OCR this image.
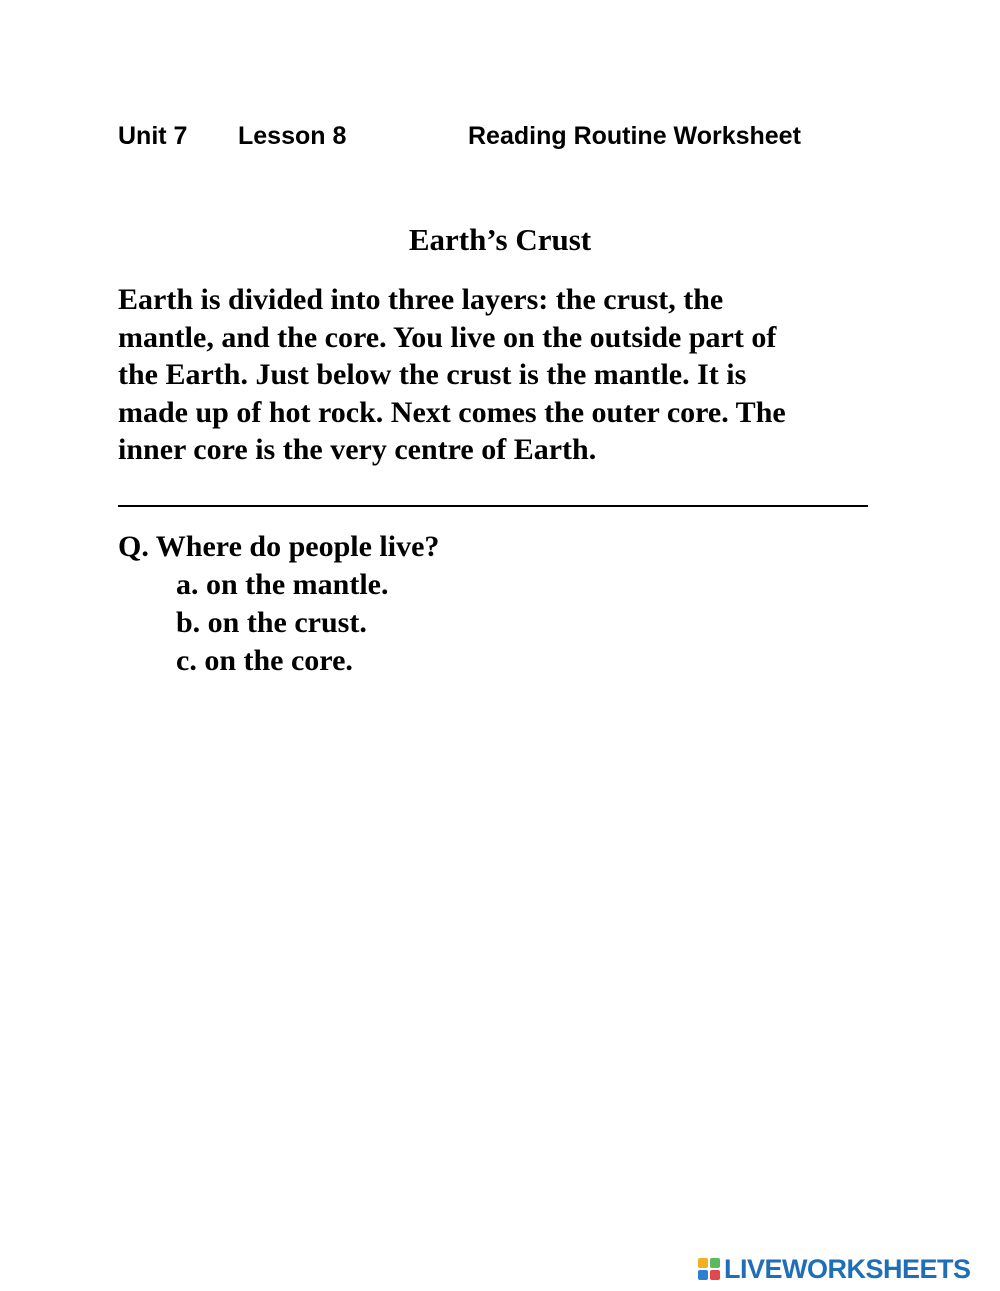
Unit 7 Lesson 8	Reading Routine Worksheet
Earth’s Crust
Earth is divided into three layers: the crust, the
mantle, and the core. You live on the outside part of
the Earth. Just below the crust is the mantle. It is
made up of hot rock. Next comes the outer core. The
inner core is the very centre of Earth.
Q. Where do people live?
a. on the mantle.
b. on the crust.
c. on the core.
LIVEWORKSHEETS
